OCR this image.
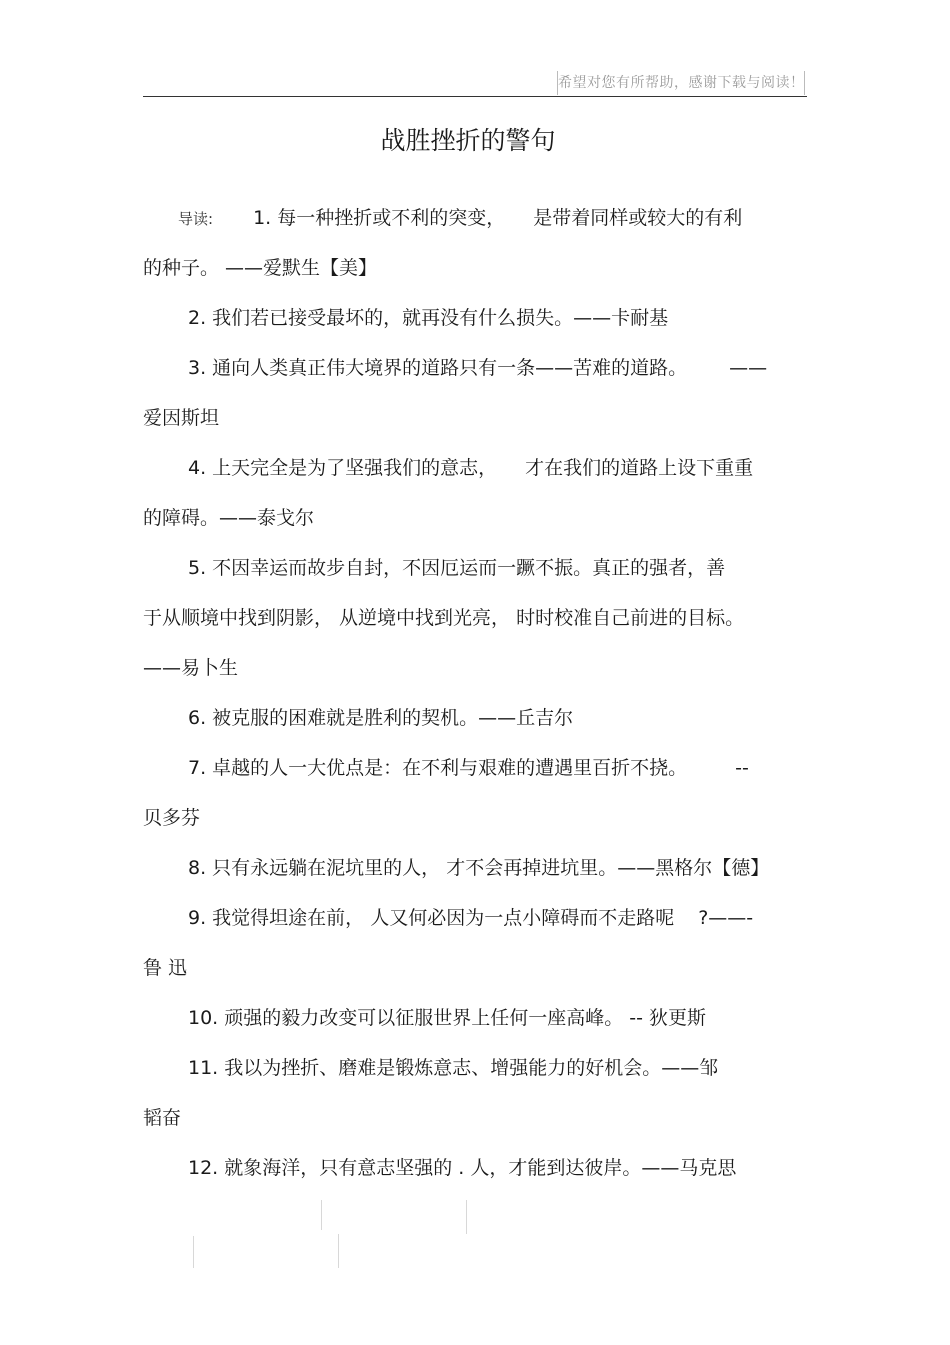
希望对您有所帮助，感谢下载与阅读！
战胜挫折的警句
导读: 1. 每一种挫折或不利的突变， 是带着同样或较大的有利
的种子。 ——爱默生【美】
2. 我们若已接受最坏的，就再没有什么损失。——卡耐基
3. 通向人类真正伟大境界的道路只有一条——苦难的道路。 ——
爱因斯坦
4. 上天完全是为了坚强我们的意志， 才在我们的道路上设下重重
的障碍。——泰戈尔
5. 不因幸运而故步自封，不因厄运而一蹶不振。真正的强者，善
于从顺境中找到阴影， 从逆境中找到光亮， 时时校准自己前进的目标。
——易卜生
6. 被克服的困难就是胜利的契机。——丘吉尔
7. 卓越的人一大优点是：在不利与艰难的遭遇里百折不挠。	--
贝多芬
8. 只有永远躺在泥坑里的人， 才不会再掉进坑里。——黑格尔【德】
9. 我觉得坦途在前， 人又何必因为一点小障碍而不走路呢 ?——-
鲁 迅
10. 顽强的毅力改变可以征服世界上任何一座高峰。 -- 狄更斯
11. 我以为挫折、磨难是锻炼意志、增强能力的好机会。——邹
韬奋
12. 就象海洋，只有意志坚强的 . 人，才能到达彼岸。——马克思
